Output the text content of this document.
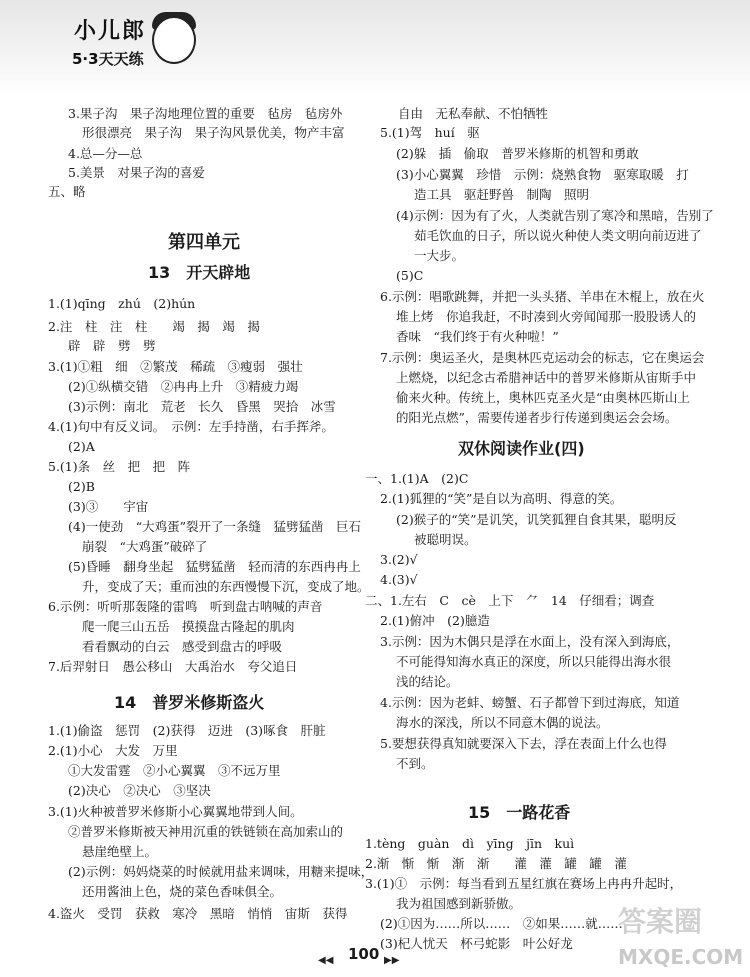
小儿郎
5·3天天练
3.果子沟　果子沟地理位置的重要　毡房　毡房外
形很漂亮　果子沟　果子沟风景优美，物产丰富
4.总—分—总
5.美景　对果子沟的喜爱
五、略
第四单元
13　开天辟地
1.(1)qīng　zhú　(2)hún
2.注　柱　注　柱　　竭　揭　竭　揭
辟　辟　劈　劈
3.(1)①粗　细　②繁茂　稀疏　③瘦弱　强壮
(2)①纵横交错　②冉冉上升　③精疲力竭
(3)示例：南北　荒老　长久　昏黑　哭拾　冰雪
4.(1)句中有反义词。　示例：左手持凿，右手挥斧。
(2)A
5.(1)条　丝　把　把　阵
(2)B
(3)③　　宇宙
(4)一使劲　“大鸡蛋”裂开了一条缝　猛劈猛凿　巨石
崩裂　“大鸡蛋”破碎了
(5)昏睡　翻身坐起　猛劈猛凿　轻而清的东西冉冉上
升，变成了天；重而浊的东西慢慢下沉，变成了地。
6.示例：听听那轰隆的雷鸣　听到盘古呐喊的声音
爬一爬三山五岳　摸摸盘古隆起的肌肉
看看飘动的白云　感受到盘古的呼吸
7.后羿射日　愚公移山　大禹治水　夸父追日
14　普罗米修斯盗火
1.(1)偷盗　惩罚　(2)获得　迈进　(3)啄食　肝脏
2.(1)小心　大发　万里
①大发雷霆　②小心翼翼　③不远万里
(2)决心　②决心　③坚决
3.(1)火种被普罗米修斯小心翼翼地带到人间。
②普罗米修斯被天神用沉重的铁链锁在高加索山的
悬崖绝壁上。
(2)示例：妈妈烧菜的时候就用盐来调味，用糖来提味，
还用酱油上色，烧的菜色香味俱全。
4.盗火　受罚　获救　寒冷　黑暗　悄悄　宙斯　获得
自由　无私奉献、不怕牺牲
5.(1)驾　huí　驱
(2)躲　插　偷取　普罗米修斯的机智和勇敢
(3)小心翼翼　珍惜　示例：烧熟食物　驱寒取暖　打
造工具　驱赶野兽　制陶　照明
(4)示例：因为有了火，人类就告别了寒冷和黑暗，告别了
茹毛饮血的日子，所以说火种使人类文明向前迈进了
一大步。
(5)C
6.示例：唱歌跳舞，并把一头头猪、羊串在木棍上，放在火
堆上烤　你追我赶，不时凑到火旁闻闻那一股股诱人的
香味　“我们终于有火种啦！”
7.示例：奥运圣火，是奥林匹克运动会的标志，它在奥运会
上燃烧，以纪念古希腊神话中的普罗米修斯从宙斯手中
偷来火种。传统上，奥林匹克圣火是“由奥林匹斯山上
的阳光点燃”，需要传递者步行传递到奥运会会场。
双休阅读作业(四)
一、1.(1)A　(2)C
2.(1)狐狸的“笑”是自以为高明、得意的笑。
(2)猴子的“笑”是讥笑，讥笑狐狸自食其果，聪明反
被聪明误。
3.(2)√
4.(3)√
二、1.左右　C　cè　上下　⺈　14　仔细看；调查
2.(1)俯冲　(2)臆造
3.示例：因为木偶只是浮在水面上，没有深入到海底，
不可能得知海水真正的深度，所以只能得出海水很
浅的结论。
4.示例：因为老蚌、螃蟹、石子都曾下到过海底，知道
海水的深浅，所以不同意木偶的说法。
5.要想获得真知就要深入下去，浮在表面上什么也得
不到。
15　一路花香
1.tèng　guàn　dì　yīng　jīn　kuì
2.渐　惭　惭　渐　渐　　灌　灌　罐　罐　灌
3.(1)①　示例：每当看到五星红旗在赛场上冉冉升起时，
我为祖国感到新骄傲。
(2)①因为……所以……　②如果……就……
(3)杞人忧天　杯弓蛇影　叶公好龙
◀◀ 100 ▶▶
答案圈
MXQE.COM
